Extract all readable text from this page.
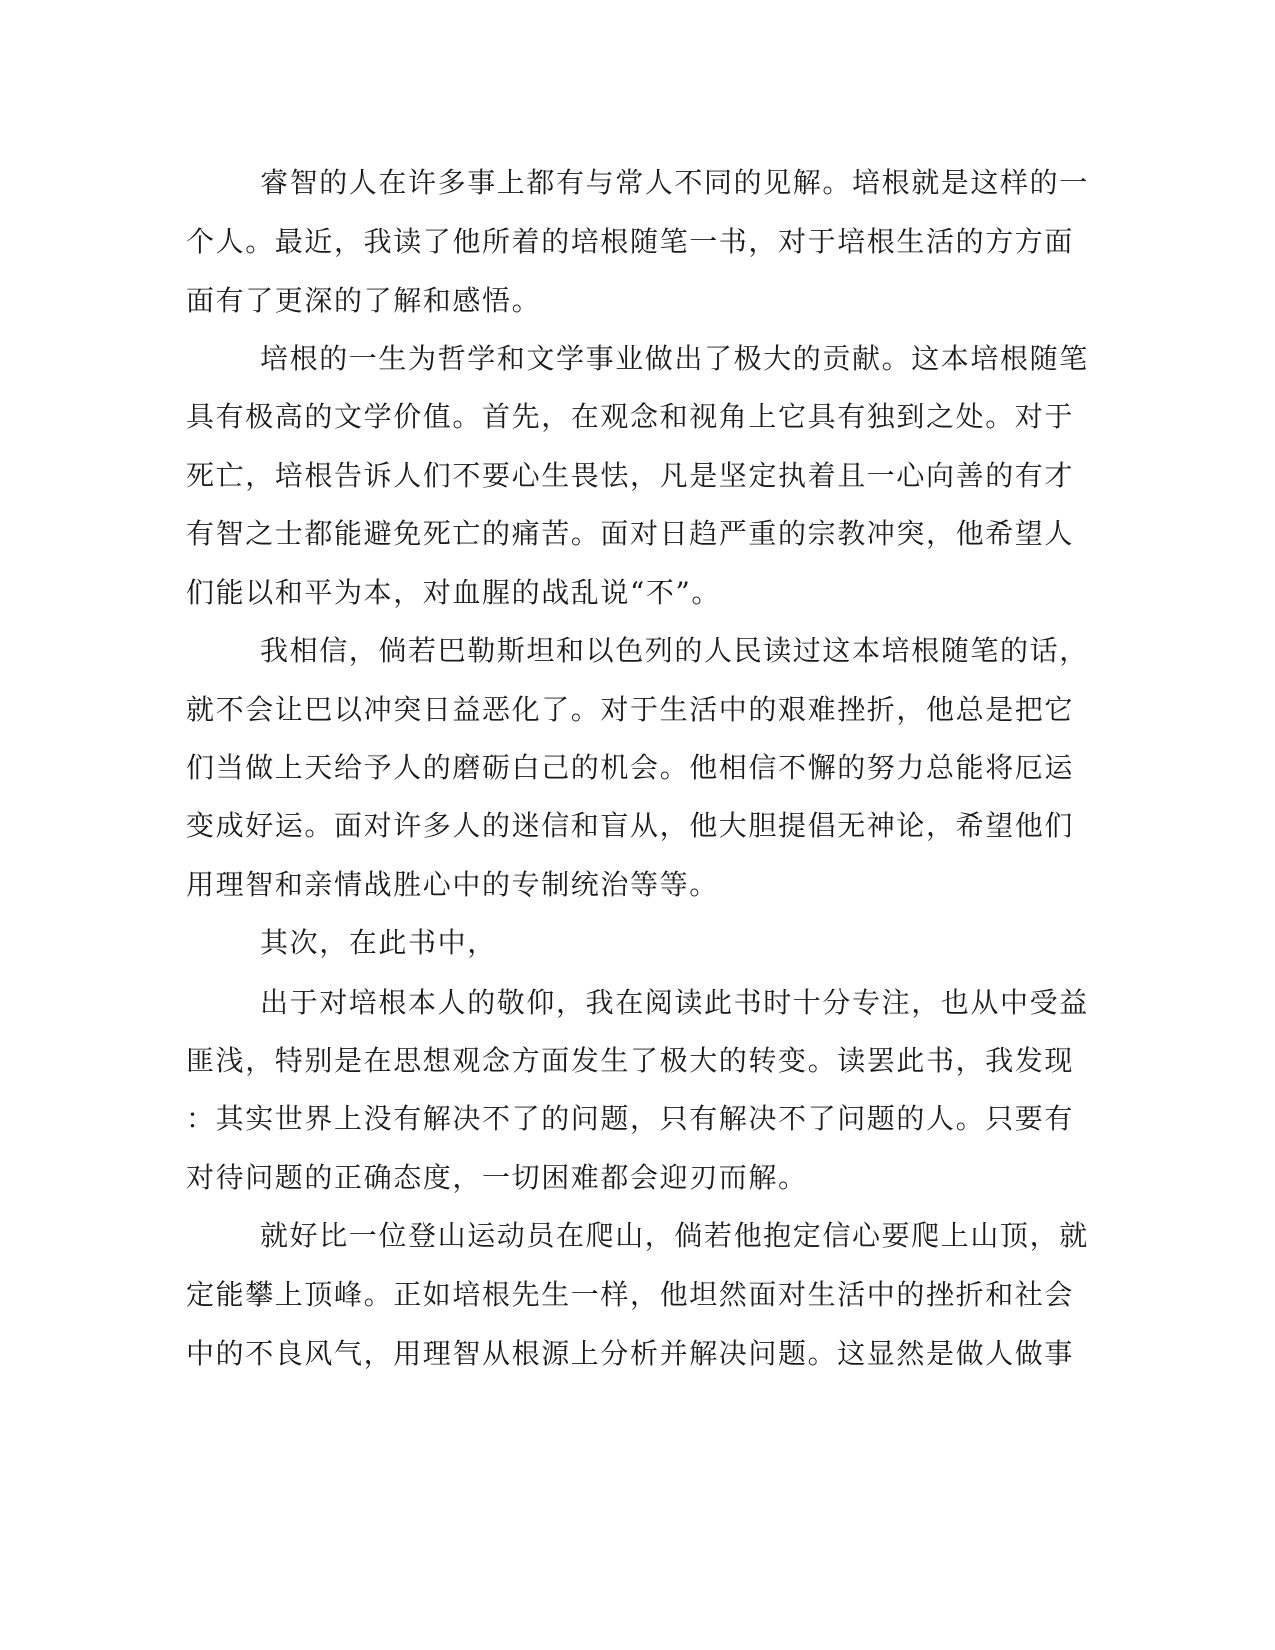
睿智的人在许多事上都有与常人不同的见解。培根就是这样的一
个人。最近，我读了他所着的培根随笔一书，对于培根生活的方方面
面有了更深的了解和感悟。
培根的一生为哲学和文学事业做出了极大的贡献。这本培根随笔
具有极高的文学价值。首先，在观念和视角上它具有独到之处。对于
死亡，培根告诉人们不要心生畏怯，凡是坚定执着且一心向善的有才
有智之士都能避免死亡的痛苦。面对日趋严重的宗教冲突，他希望人
们能以和平为本，对血腥的战乱说“不”。
我相信，倘若巴勒斯坦和以色列的人民读过这本培根随笔的话，
就不会让巴以冲突日益恶化了。对于生活中的艰难挫折，他总是把它
们当做上天给予人的磨砺白己的机会。他相信不懈的努力总能将厄运
变成好运。面对许多人的迷信和盲从，他大胆提倡无神论，希望他们
用理智和亲情战胜心中的专制统治等等。
其次，在此书中，
出于对培根本人的敬仰，我在阅读此书时十分专注，也从中受益
匪浅，特别是在思想观念方面发生了极大的转变。读罢此书，我发现
：其实世界上没有解决不了的问题，只有解决不了问题的人。只要有
对待问题的正确态度，一切困难都会迎刃而解。
就好比一位登山运动员在爬山，倘若他抱定信心要爬上山顶，就
定能攀上顶峰。正如培根先生一样，他坦然面对生活中的挫折和社会
中的不良风气，用理智从根源上分析并解决问题。这显然是做人做事
